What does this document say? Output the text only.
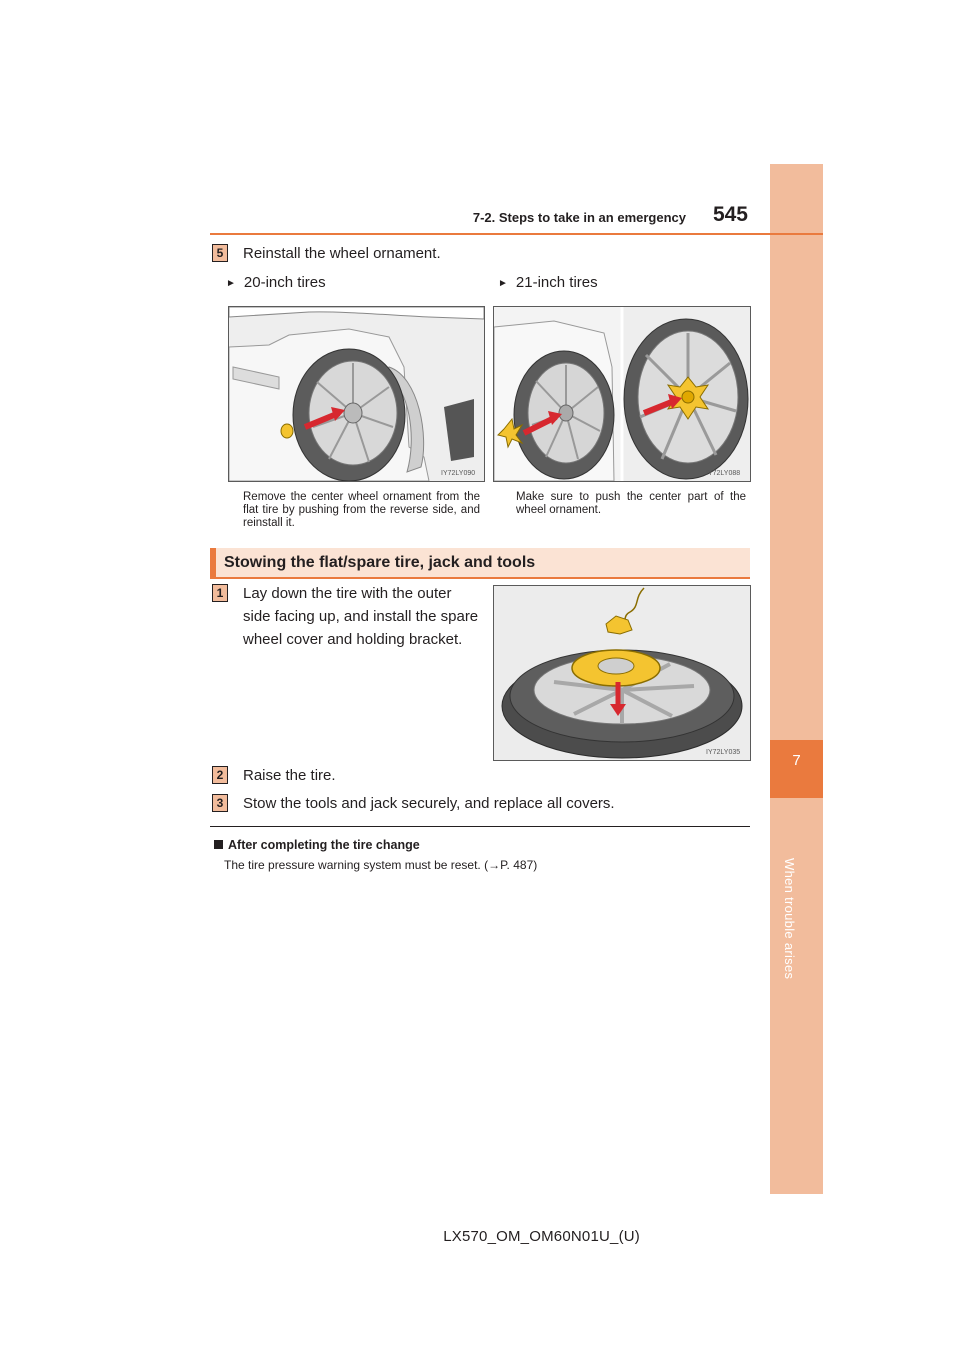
7
When trouble arises
7-2. Steps to take in an emergency	545
5	Reinstall the wheel ornament.
► 20-inch tires	► 21-inch tires
IY72LY090	IY72LY088
Remove the center wheel ornament from the flat tire by pushing from the reverse side, and reinstall it.
Make sure to push the center part of the wheel ornament.
Stowing the flat/spare tire, jack and tools
1	Lay down the tire with the outer side facing up, and install the spare wheel cover and holding bracket.
IY72LY035
2	Raise the tire.
3	Stow the tools and jack securely, and replace all covers.
After completing the tire change
The tire pressure warning system must be reset. (→P. 487)
LX570_OM_OM60N01U_(U)
